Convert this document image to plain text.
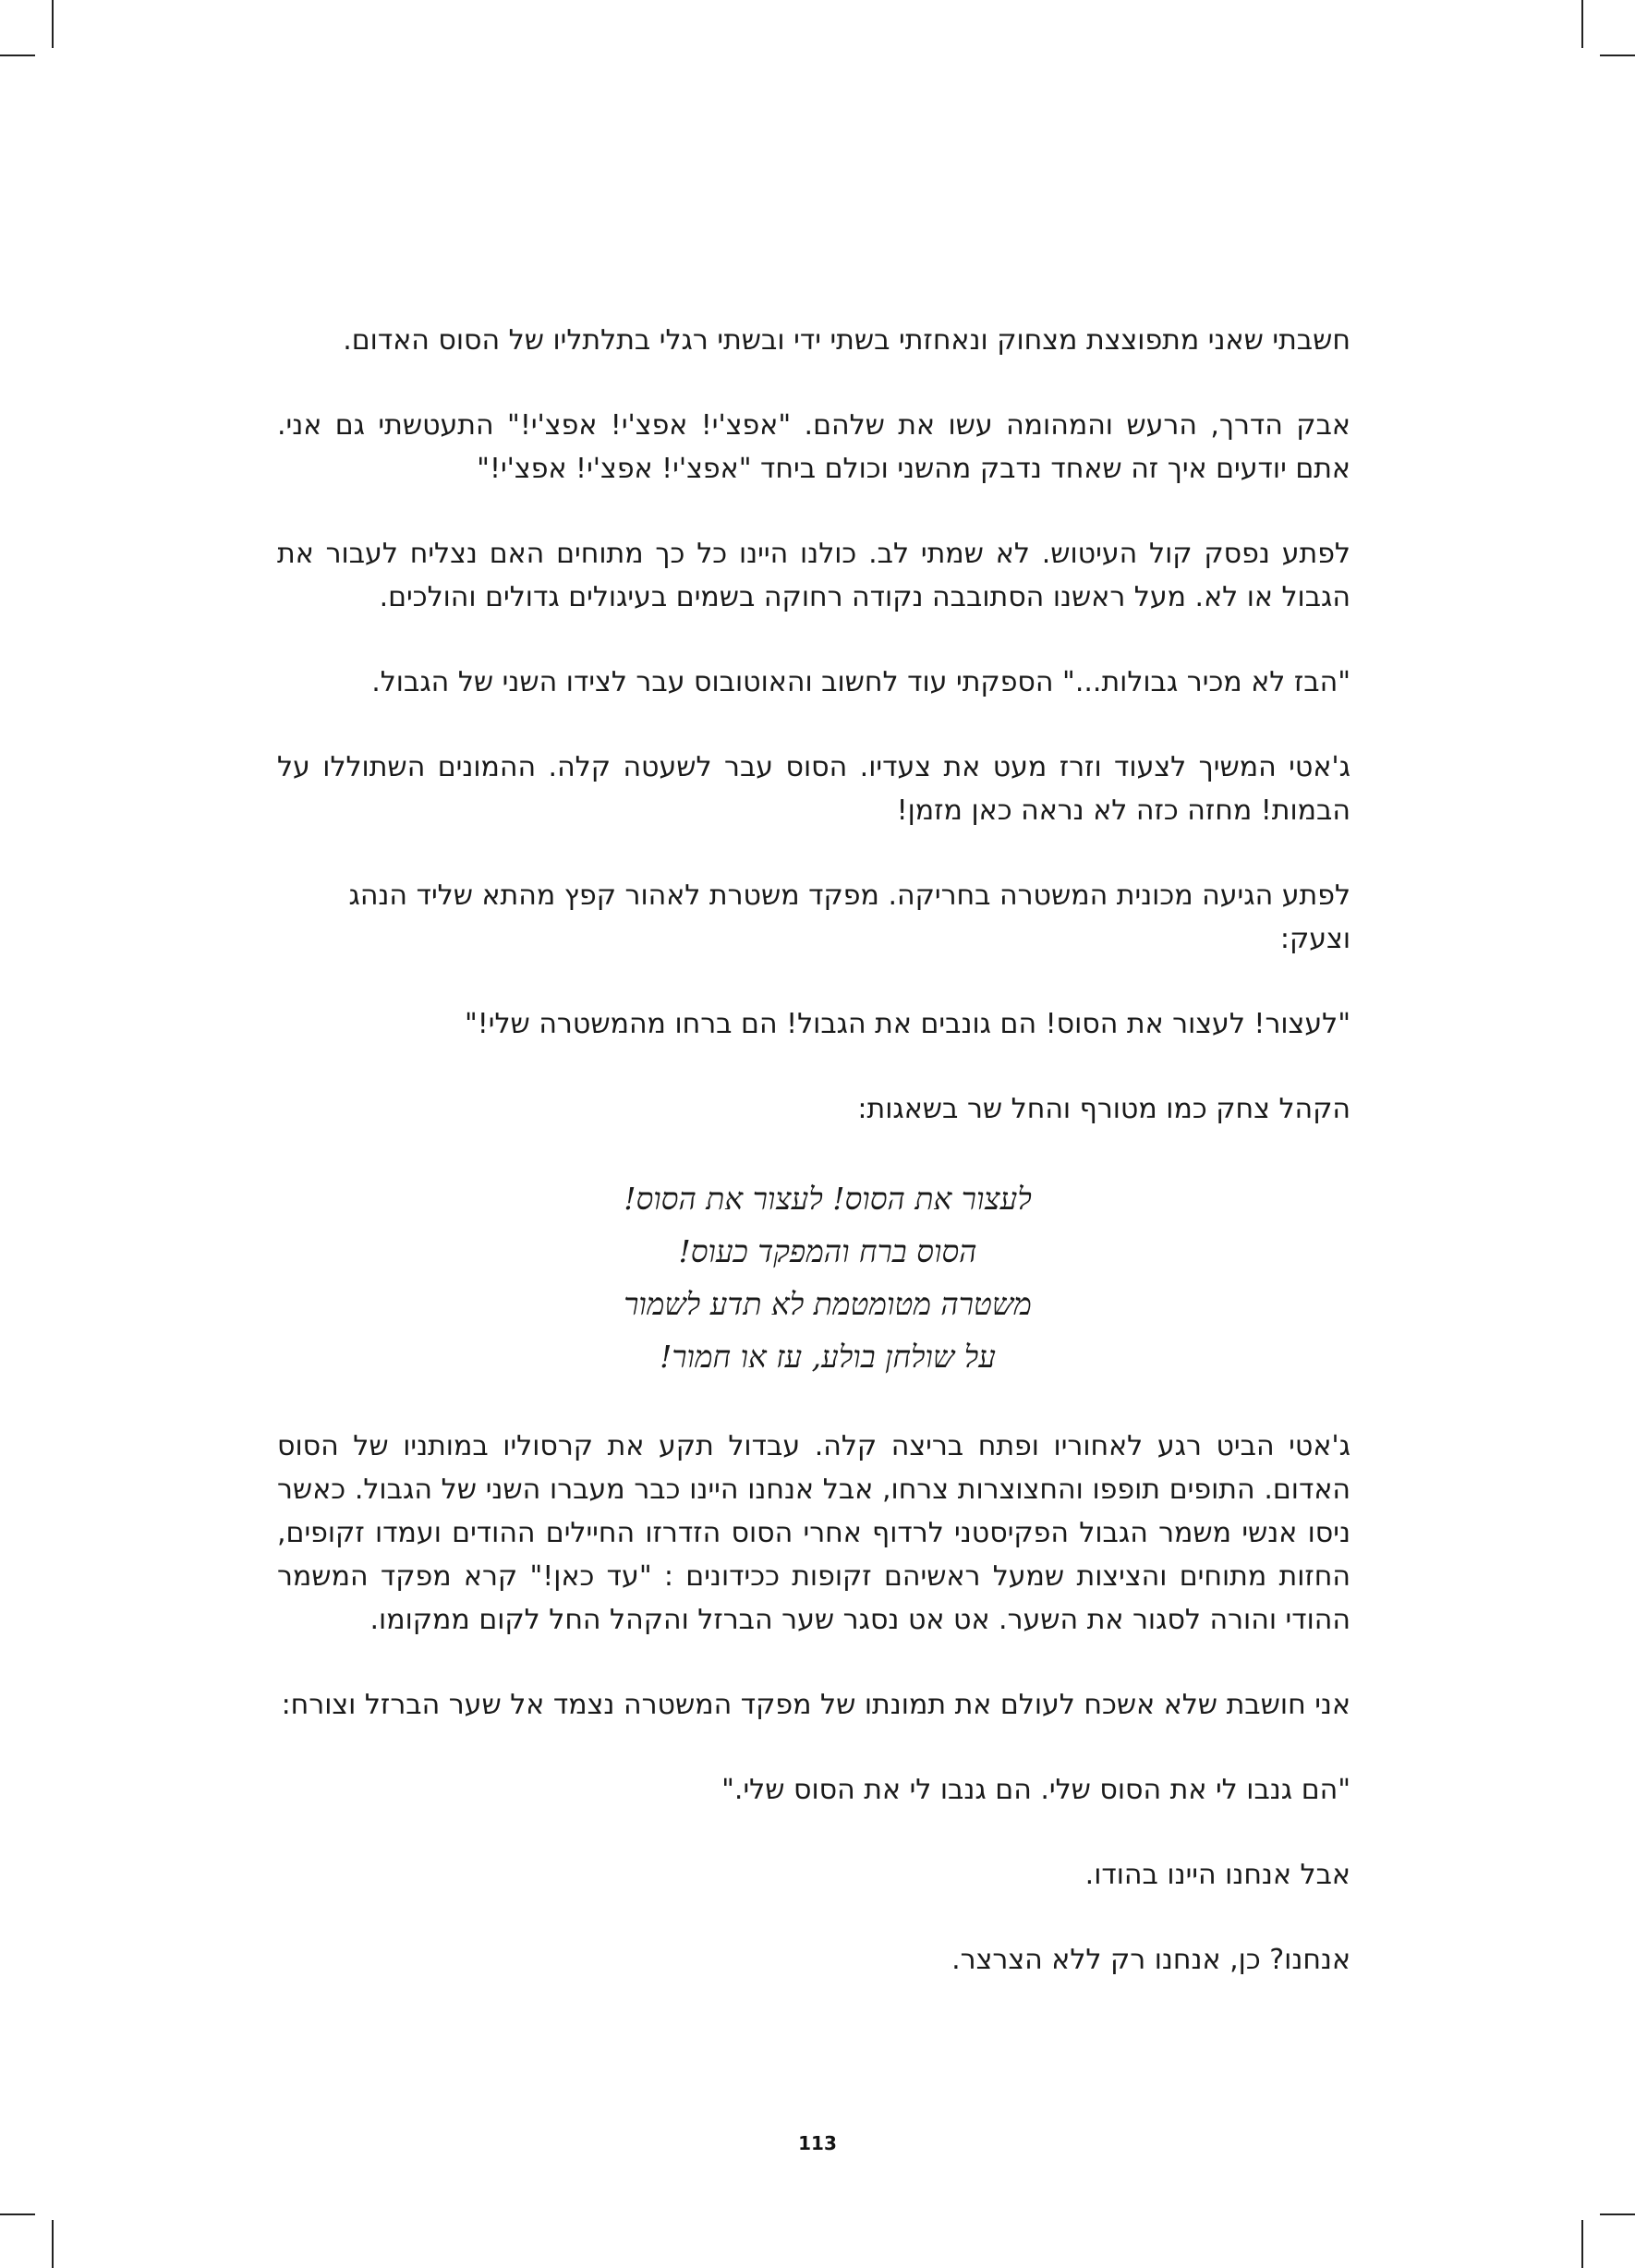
חשבתי שאני מתפוצצת מצחוק ונאחזתי בשתי ידי ובשתי רגלי בתלתליו של הסוס האדום.

אבק הדרך, הרעש והמהומה עשו את שלהם. "אפצ'י! אפצ'י! אפצ'י!" התעטשתי גם אני. אתם יודעים איך זה שאחד נדבק מהשני וכולם ביחד "אפצ'י! אפצ'י! אפצ'י!"

לפתע נפסק קול העיטוש. לא שמתי לב. כולנו היינו כל כך מתוחים האם נצליח לעבור את הגבול או לא. מעל ראשנו הסתובבה נקודה רחוקה בשמים בעיגולים גדולים והולכים.

"הבז לא מכיר גבולות..." הספקתי עוד לחשוב והאוטובוס עבר לצידו השני של הגבול.

ג'אטי המשיך לצעוד וזרז מעט את צעדיו. הסוס עבר לשעטה קלה. ההמונים השתוללו על הבמות! מחזה כזה לא נראה כאן מזמן!

לפתע הגיעה מכונית המשטרה בחריקה. מפקד משטרת לאהור קפץ מהתא שליד הנהג וצעק:

"לעצור! לעצור את הסוס! הם גונבים את הגבול! הם ברחו מהמשטרה שלי!"

הקהל צחק כמו מטורף והחל שר בשאגות:

לעצור את הסוס! לעצור את הסוס!
הסוס ברח והמפקד כעוס!
משטרה מטומטמת לא תדע לשמור
על שולחן בולע, עז או חמור!

ג'אטי הביט רגע לאחוריו ופתח בריצה קלה. עבדול תקע את קרסוליו במותניו של הסוס האדום. התופים תופפו והחצוצרות צרחו, אבל אנחנו היינו כבר מעברו השני של הגבול. כאשר ניסו אנשי משמר הגבול הפקיסטני לרדוף אחרי הסוס הזדרזו החיילים ההודים ועמדו זקופים, החזות מתוחים והציצות שמעל ראשיהם זקופות ככידונים : "עד כאן!" קרא מפקד המשמר ההודי והורה לסגור את השער. אט אט נסגר שער הברזל והקהל החל לקום ממקומו.

אני חושבת שלא אשכח לעולם את תמונתו של מפקד המשטרה נצמד אל שער הברזל וצורח:

"הם גנבו לי את הסוס שלי. הם גנבו לי את הסוס שלי."

אבל אנחנו היינו בהודו.

אנחנו? כן, אנחנו רק ללא הצרצר.

113
